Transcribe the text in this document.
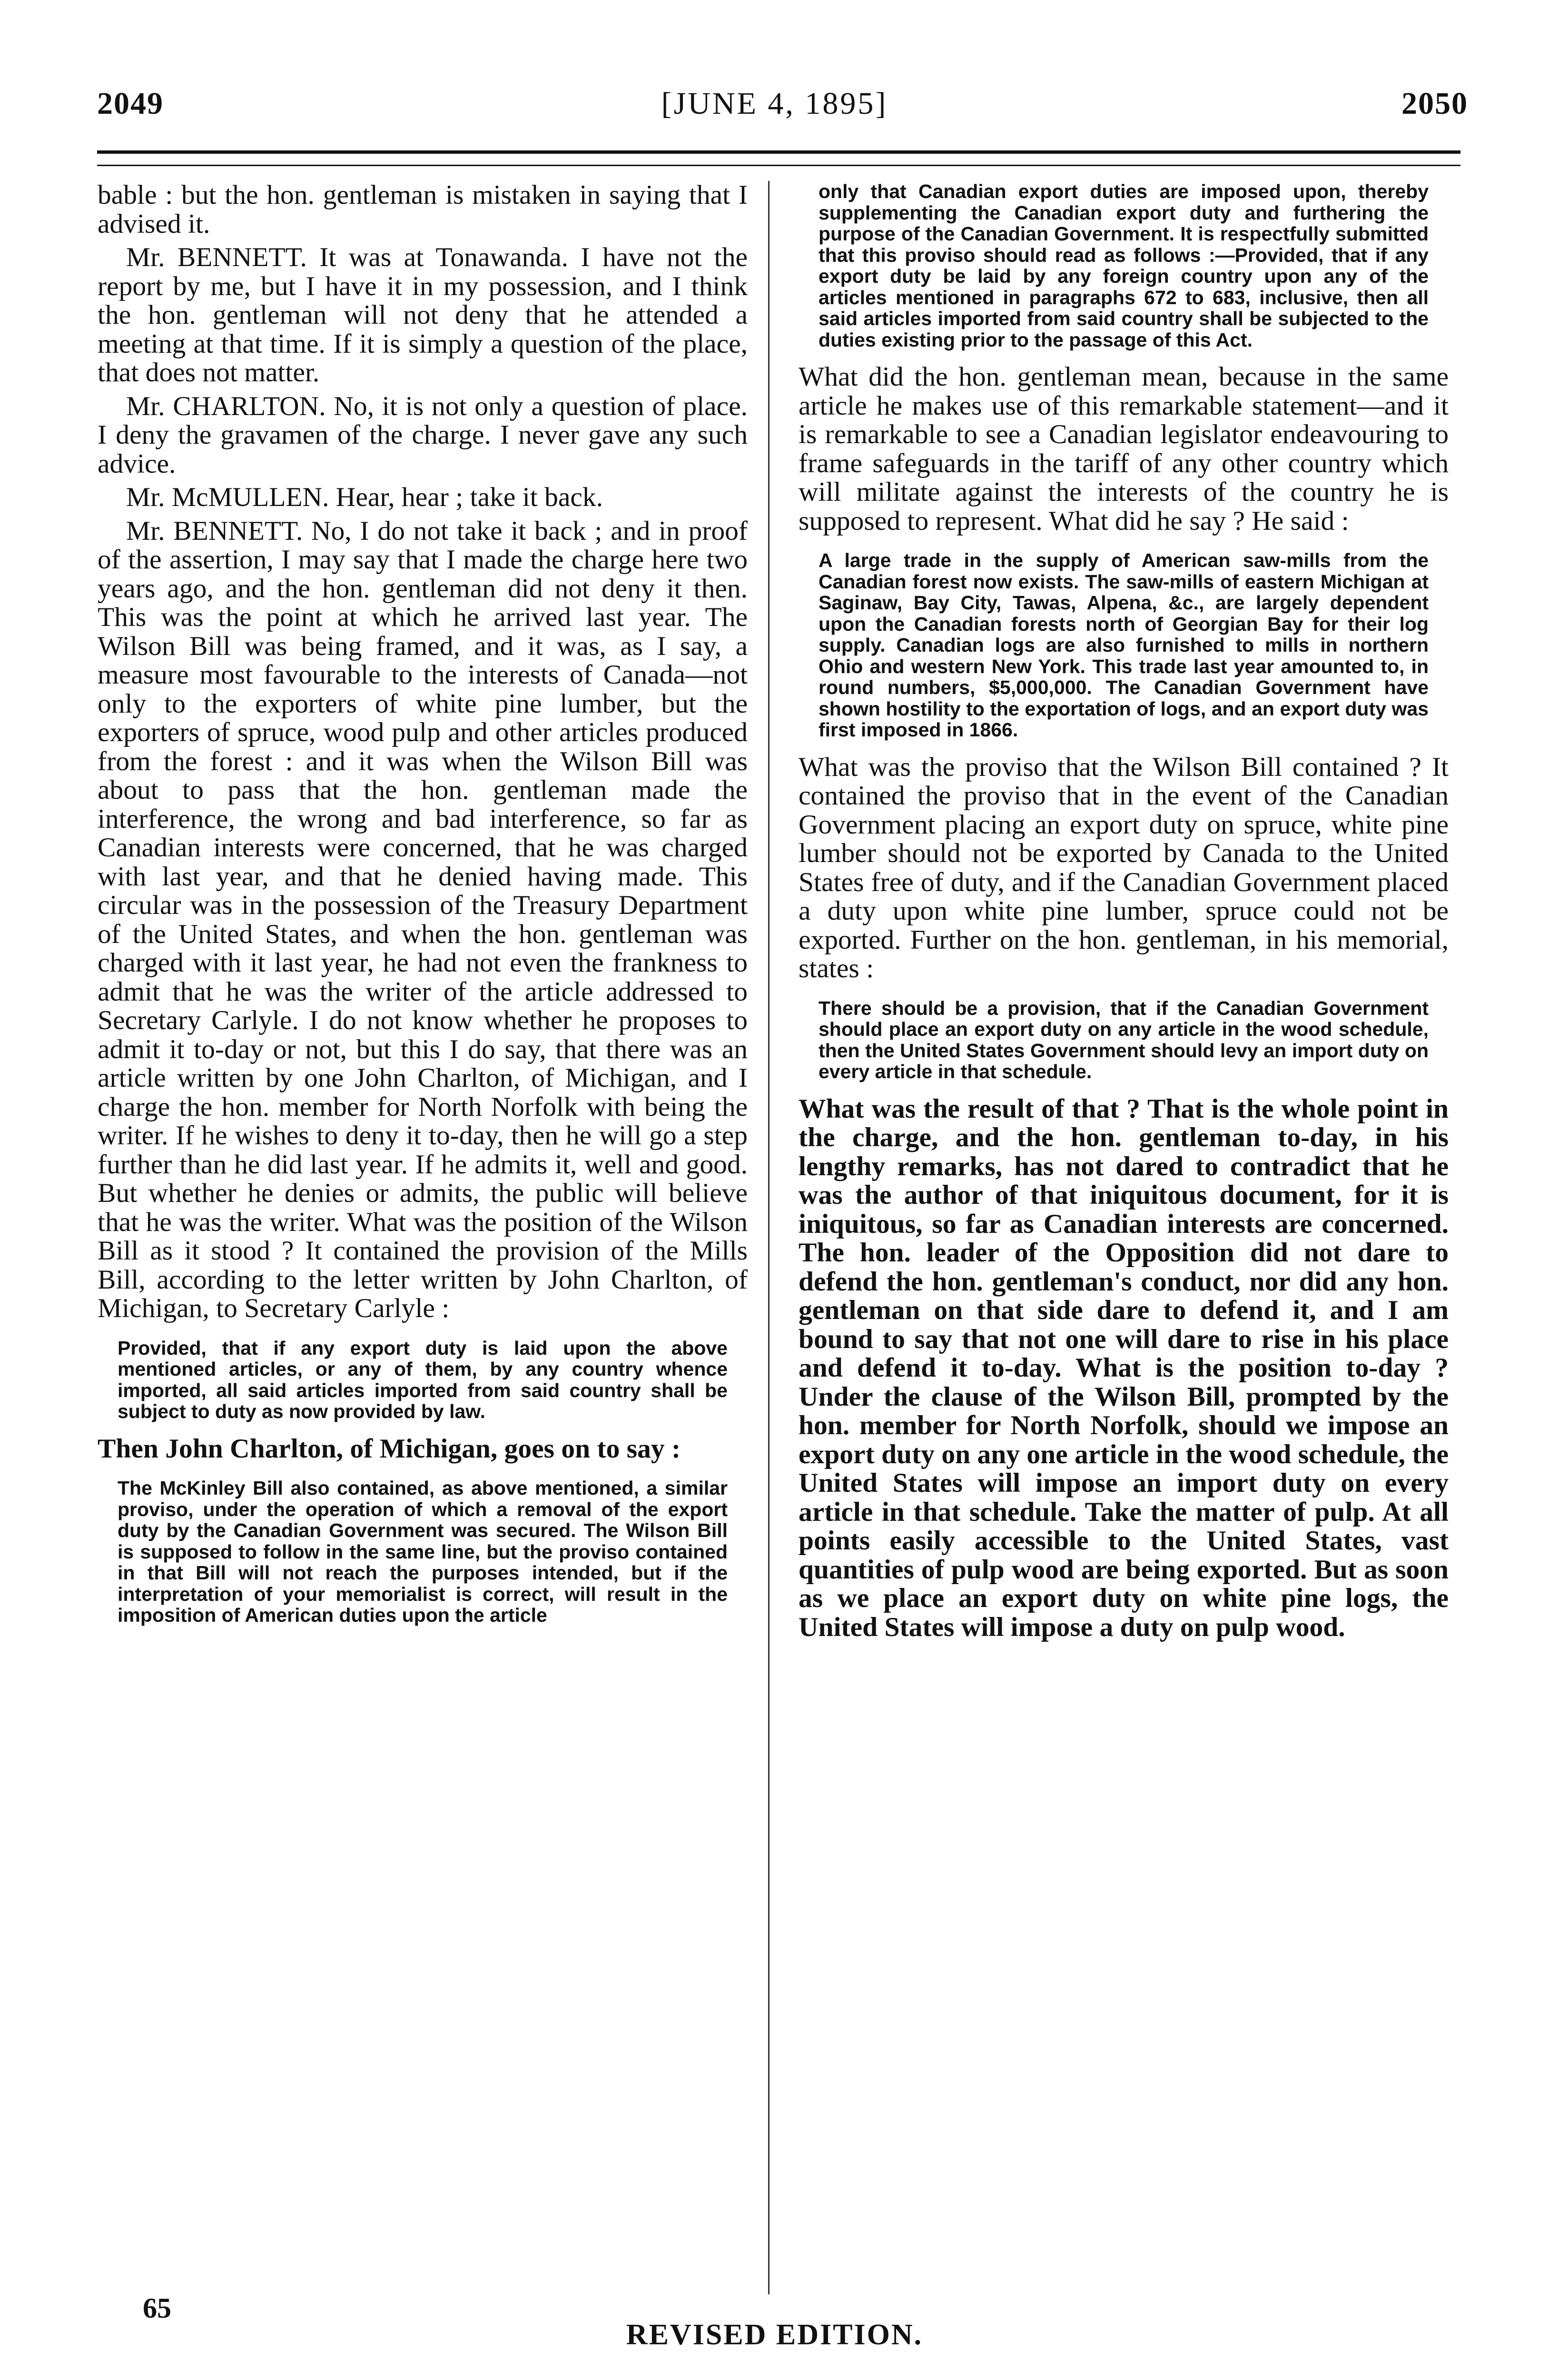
[JUNE 4, 1895]
2049	2050

bable : but the hon. gentleman is mistaken in saying that I advised it.

Mr. BENNETT. It was at Tonawanda. I have not the report by me, but I have it in my possession, and I think the hon. gentleman will not deny that he attended a meeting at that time. If it is simply a question of the place, that does not matter.

Mr. CHARLTON. No, it is not only a question of place. I deny the gravamen of the charge. I never gave any such advice.

Mr. McMULLEN. Hear, hear ; take it back.

Mr. BENNETT. No, I do not take it back ; and in proof of the assertion, I may say that I made the charge here two years ago, and the hon. gentleman did not deny it then. This was the point at which he arrived last year. The Wilson Bill was being framed, and it was, as I say, a measure most favourable to the interests of Canada—not only to the exporters of white pine lumber, but the exporters of spruce, wood pulp and other articles produced from the forest : and it was when the Wilson Bill was about to pass that the hon. gentleman made the interference, the wrong and bad interference, so far as Canadian interests were concerned, that he was charged with last year, and that he denied having made. This circular was in the possession of the Treasury Department of the United States, and when the hon. gentleman was charged with it last year, he had not even the frankness to admit that he was the writer of the article addressed to Secretary Carlyle. I do not know whether he proposes to admit it to-day or not, but this I do say, that there was an article written by one John Charlton, of Michigan, and I charge the hon. member for North Norfolk with being the writer. If he wishes to deny it to-day, then he will go a step further than he did last year. If he admits it, well and good. But whether he denies or admits, the public will believe that he was the writer. What was the position of the Wilson Bill as it stood ? It contained the provision of the Mills Bill, according to the letter written by John Charlton, of Michigan, to Secretary Carlyle :

Provided, that if any export duty is laid upon the above mentioned articles, or any of them, by any country whence imported, all said articles imported from said country shall be subject to duty as now provided by law.

Then John Charlton, of Michigan, goes on to say :

The McKinley Bill also contained, as above mentioned, a similar proviso, under the operation of which a removal of the export duty by the Canadian Government was secured. The Wilson Bill is supposed to follow in the same line, but the proviso contained in that Bill will not reach the purposes intended, but if the interpretation of your memorialist is correct, will result in the imposition of American duties upon the article

only that Canadian export duties are imposed upon, thereby supplementing the Canadian export duty and furthering the purpose of the Canadian Government. It is respectfully submitted that this proviso should read as follows :—Provided, that if any export duty be laid by any foreign country upon any of the articles mentioned in paragraphs 672 to 683, inclusive, then all said articles imported from said country shall be subjected to the duties existing prior to the passage of this Act.

What did the hon. gentleman mean, because in the same article he makes use of this remarkable statement—and it is remarkable to see a Canadian legislator endeavouring to frame safeguards in the tariff of any other country which will militate against the interests of the country he is supposed to represent. What did he say ? He said :

A large trade in the supply of American saw-mills from the Canadian forest now exists. The saw-mills of eastern Michigan at Saginaw, Bay City, Tawas, Alpena, &c., are largely dependent upon the Canadian forests north of Georgian Bay for their log supply. Canadian logs are also furnished to mills in northern Ohio and western New York. This trade last year amounted to, in round numbers, $5,000,000. The Canadian Government have shown hostility to the exportation of logs, and an export duty was first imposed in 1866.

What was the proviso that the Wilson Bill contained ? It contained the proviso that in the event of the Canadian Government placing an export duty on spruce, white pine lumber should not be exported by Canada to the United States free of duty, and if the Canadian Government placed a duty upon white pine lumber, spruce could not be exported. Further on the hon. gentleman, in his memorial, states :

There should be a provision, that if the Canadian Government should place an export duty on any article in the wood schedule, then the United States Government should levy an import duty on every article in that schedule.

What was the result of that ? That is the whole point in the charge, and the hon. gentleman to-day, in his lengthy remarks, has not dared to contradict that he was the author of that iniquitous document, for it is iniquitous, so far as Canadian interests are concerned. The hon. leader of the Opposition did not dare to defend the hon. gentleman's conduct, nor did any hon. gentleman on that side dare to defend it, and I am bound to say that not one will dare to rise in his place and defend it to-day. What is the position to-day ? Under the clause of the Wilson Bill, prompted by the hon. member for North Norfolk, should we impose an export duty on any one article in the wood schedule, the United States will impose an import duty on every article in that schedule. Take the matter of pulp. At all points easily accessible to the United States, vast quantities of pulp wood are being exported. But as soon as we place an export duty on white pine logs, the United States will impose a duty on pulp wood.

65
REVISED EDITION.
